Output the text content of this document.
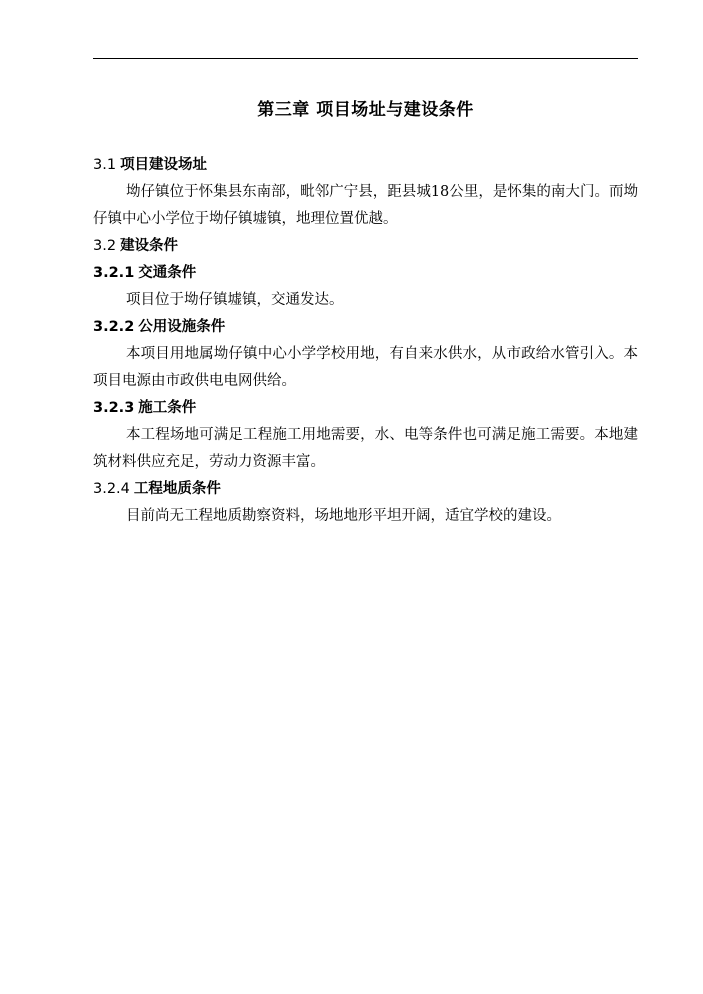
第三章 项目场址与建设条件
3.1 项目建设场址

坳仔镇位于怀集县东南部，毗邻广宁县，距县城18公里，是怀集的南大门。而坳仔镇中心小学位于坳仔镇墟镇，地理位置优越。

3.2 建设条件
3.2.1 交通条件

项目位于坳仔镇墟镇，交通发达。

3.2.2 公用设施条件

本项目用地属坳仔镇中心小学学校用地，有自来水供水，从市政给水管引入。本项目电源由市政供电电网供给。

3.2.3 施工条件

本工程场地可满足工程施工用地需要，水、电等条件也可满足施工需要。本地建筑材料供应充足，劳动力资源丰富。

3.2.4 工程地质条件

目前尚无工程地质勘察资料，场地地形平坦开阔，适宜学校的建设。
